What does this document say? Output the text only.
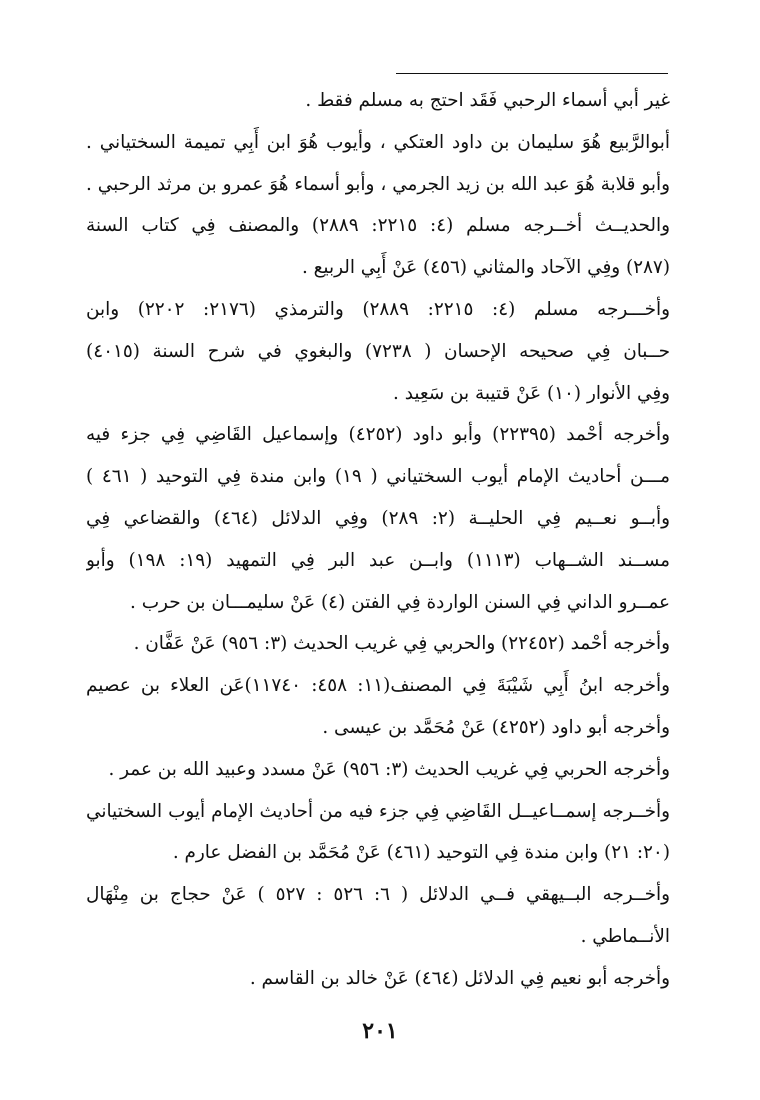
غير أبي أسماء الرحبي فَقَد احتج به مسلم فقط .
أبوالرَّبيع هُوَ سليمان بن داود العتكي ، وأيوب هُوَ ابن أَبِي تميمة السختياني .
وأبو قلابة هُوَ عبد الله بن زيد الجرمي ، وأبو أسماء هُوَ عمرو بن مرثد الرحبي .
والحديــث أخــرجه مسلم (٤: ٢٢١٥: ٢٨٨٩) والمصنف فِي كتاب السنة
(٢٨٧) وفِي الآحاد والمثاني (٤٥٦) عَنْ أَبِي الربيع .
وأخـــرجه مسلم (٤: ٢٢١٥: ٢٨٨٩) والترمذي (٢١٧٦: ٢٢٠٢) وابن
حــبان فِي صحيحه الإحسان ( ٧٢٣٨) والبغوي في شرح السنة (٤٠١٥)
وفِي الأنوار (١٠) عَنْ قتيبة بن سَعِيد .
وأخرجه أحْمد (٢٢٣٩٥) وأبو داود (٤٢٥٢) وإسماعيل القَاضِي فِي جزء فيه
مـــن أحاديث الإمام أيوب السختياني ( ١٩) وابن مندة فِي التوحيد ( ٤٦١ )
وأبــو نعــيم فِي الحليــة (٢: ٢٨٩) وفِي الدلائل (٤٦٤) والقضاعي فِي
مســند الشــهاب (١١١٣) وابــن عبد البر فِي التمهيد (١٩: ١٩٨) وأبو
عمــرو الداني فِي السنن الواردة فِي الفتن (٤) عَنْ سليمـــان بن حرب .
وأخرجه أحْمد (٢٢٤٥٢) والحربي فِي غريب الحديث (٣: ٩٥٦) عَنْ عَفَّان .
وأخرجه ابنُ أَبِي شَيْبَةَ فِي المصنف(١١: ٤٥٨: ١١٧٤٠)عَن العلاء بن عصيم
وأخرجه أبو داود (٤٢٥٢) عَنْ مُحَمَّد بن عيسى .
وأخرجه الحربي فِي غريب الحديث (٣: ٩٥٦) عَنْ مسدد وعبيد الله بن عمر .
وأخــرجه إسمــاعيــل القَاضِي فِي جزء فيه من أحاديث الإمام أيوب السختياني
(٢٠: ٢١) وابن مندة فِي التوحيد (٤٦١) عَنْ مُحَمَّد بن الفضل عارم .
وأخــرجه البــيهقي فــي الدلائل ( ٦: ٥٢٦ : ٥٢٧ ) عَنْ حجاج بن مِنْهَال
الأنــماطي .
وأخرجه أبو نعيم فِي الدلائل (٤٦٤) عَنْ خالد بن القاسم .
٢٠١
